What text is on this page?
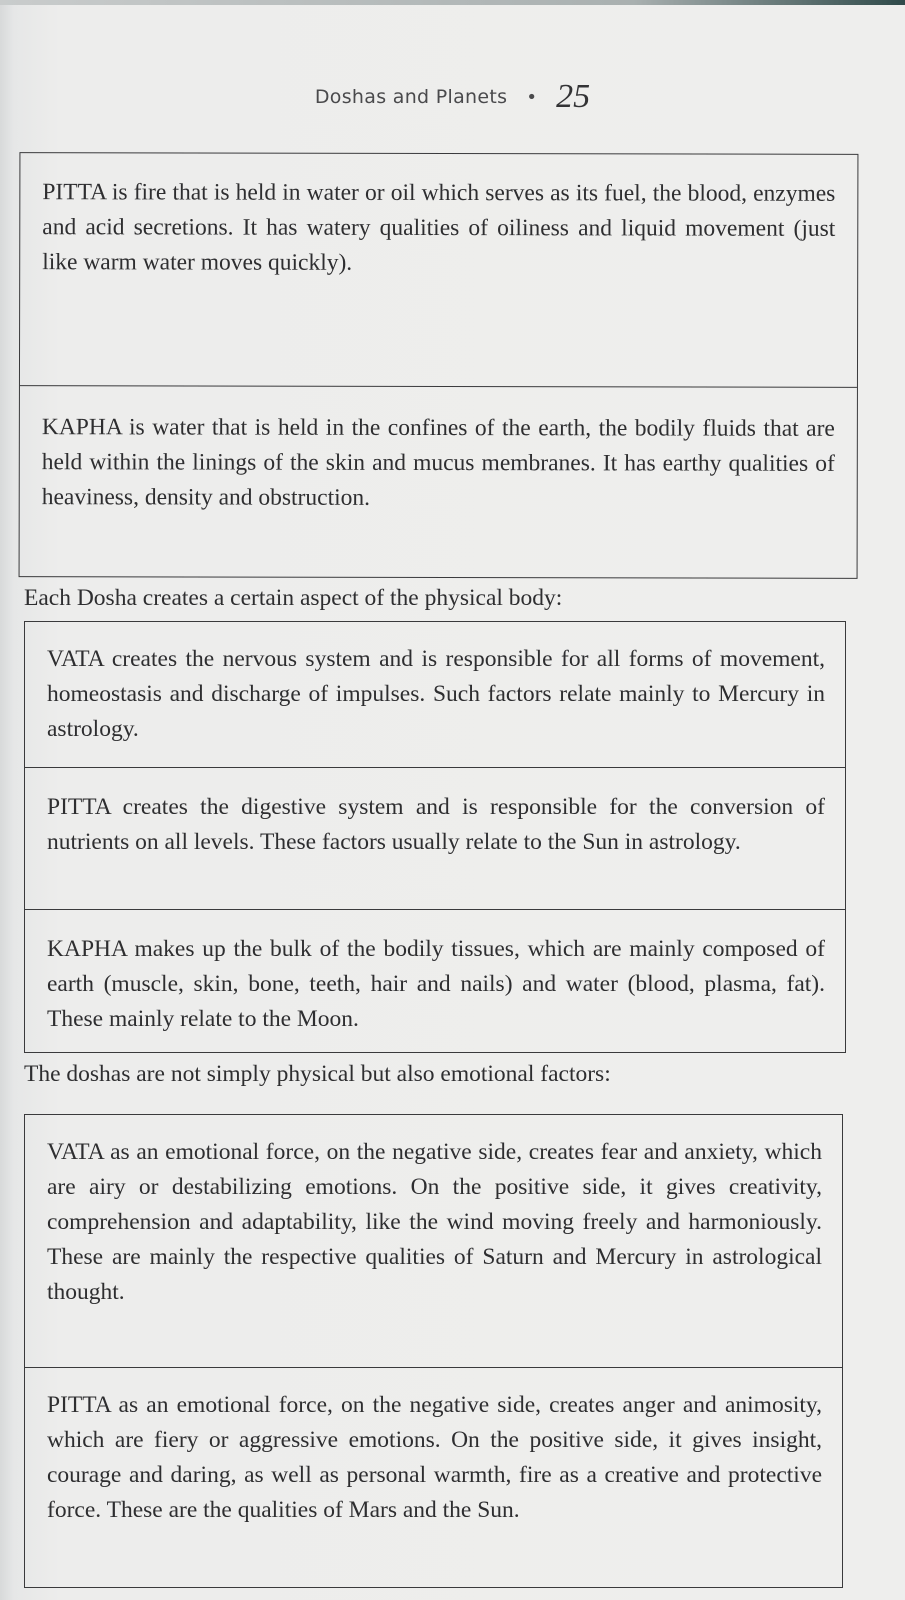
Doshas and Planets • 25

PITTA is fire that is held in water or oil which serves as its fuel, the blood, enzymes and acid secretions. It has watery qualities of oiliness and liquid movement (just like warm water moves quickly).

KAPHA is water that is held in the confines of the earth, the bodily fluids that are held within the linings of the skin and mucus membranes. It has earthy qualities of heaviness, density and obstruction.

Each Dosha creates a certain aspect of the physical body:

VATA creates the nervous system and is responsible for all forms of movement, homeostasis and discharge of impulses. Such factors relate mainly to Mercury in astrology.

PITTA creates the digestive system and is responsible for the conversion of nutrients on all levels. These factors usually relate to the Sun in astrology.

KAPHA makes up the bulk of the bodily tissues, which are mainly composed of earth (muscle, skin, bone, teeth, hair and nails) and water (blood, plasma, fat). These mainly relate to the Moon.

The doshas are not simply physical but also emotional factors:

VATA as an emotional force, on the negative side, creates fear and anxiety, which are airy or destabilizing emotions. On the positive side, it gives creativity, comprehension and adaptability, like the wind moving freely and harmoniously. These are mainly the respective qualities of Saturn and Mercury in astrological thought.

PITTA as an emotional force, on the negative side, creates anger and animosity, which are fiery or aggressive emotions. On the positive side, it gives insight, courage and daring, as well as personal warmth, fire as a creative and protective force. These are the qualities of Mars and the Sun.
